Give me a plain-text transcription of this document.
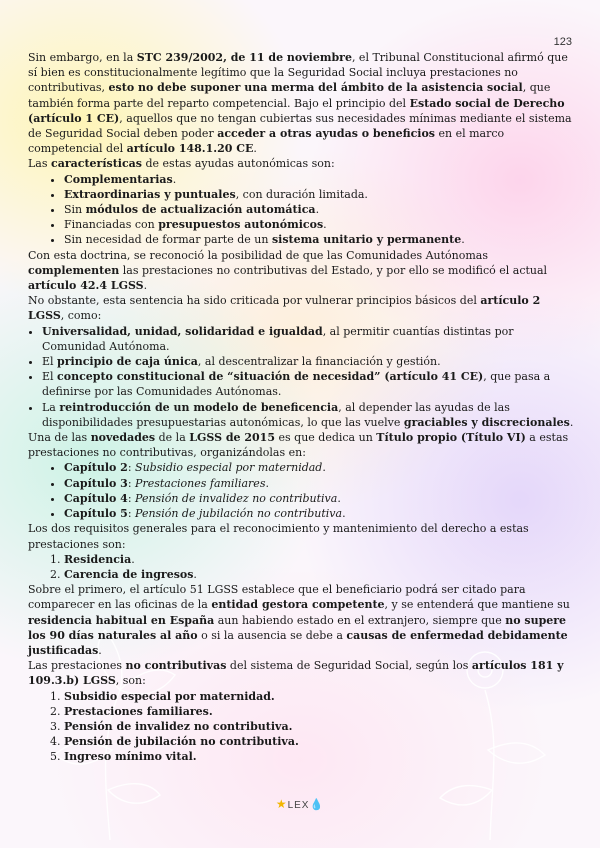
123

Sin embargo, en la STC 239/2002, de 11 de noviembre, el Tribunal Constitucional afirmó que sí bien es constitucionalmente legítimo que la Seguridad Social incluya prestaciones no contributivas, esto no debe suponer una merma del ámbito de la asistencia social, que también forma parte del reparto competencial. Bajo el principio del Estado social de Derecho (artículo 1 CE), aquellos que no tengan cubiertas sus necesidades mínimas mediante el sistema de Seguridad Social deben poder acceder a otras ayudas o beneficios en el marco competencial del artículo 148.1.20 CE.

Las características de estas ayudas autonómicas son:

• Complementarias.
• Extraordinarias y puntuales, con duración limitada.
• Sin módulos de actualización automática.
• Financiadas con presupuestos autonómicos.
• Sin necesidad de formar parte de un sistema unitario y permanente.

Con esta doctrina, se reconoció la posibilidad de que las Comunidades Autónomas complementen las prestaciones no contributivas del Estado, y por ello se modificó el actual artículo 42.4 LGSS.

No obstante, esta sentencia ha sido criticada por vulnerar principios básicos del artículo 2 LGSS, como:

• Universalidad, unidad, solidaridad e igualdad, al permitir cuantías distintas por Comunidad Autónoma.
• El principio de caja única, al descentralizar la financiación y gestión.
• El concepto constitucional de “situación de necesidad” (artículo 41 CE), que pasa a definirse por las Comunidades Autónomas.
• La reintroducción de un modelo de beneficencia, al depender las ayudas de las disponibilidades presupuestarias autonómicas, lo que las vuelve graciables y discrecionales.

Una de las novedades de la LGSS de 2015 es que dedica un Título propio (Título VI) a estas prestaciones no contributivas, organizándolas en:

• Capítulo 2: Subsidio especial por maternidad.
• Capítulo 3: Prestaciones familiares.
• Capítulo 4: Pensión de invalidez no contributiva.
• Capítulo 5: Pensión de jubilación no contributiva.

Los dos requisitos generales para el reconocimiento y mantenimiento del derecho a estas prestaciones son:

1. Residencia.
2. Carencia de ingresos.

Sobre el primero, el artículo 51 LGSS establece que el beneficiario podrá ser citado para comparecer en las oficinas de la entidad gestora competente, y se entenderá que mantiene su residencia habitual en España aun habiendo estado en el extranjero, siempre que no supere los 90 días naturales al año o si la ausencia se debe a causas de enfermedad debidamente justificadas.

Las prestaciones no contributivas del sistema de Seguridad Social, según los artículos 181 y 109.3.b) LGSS, son:

1. Subsidio especial por maternidad.
2. Prestaciones familiares.
3. Pensión de invalidez no contributiva.
4. Pensión de jubilación no contributiva.
5. Ingreso mínimo vital.
★LEX💧
